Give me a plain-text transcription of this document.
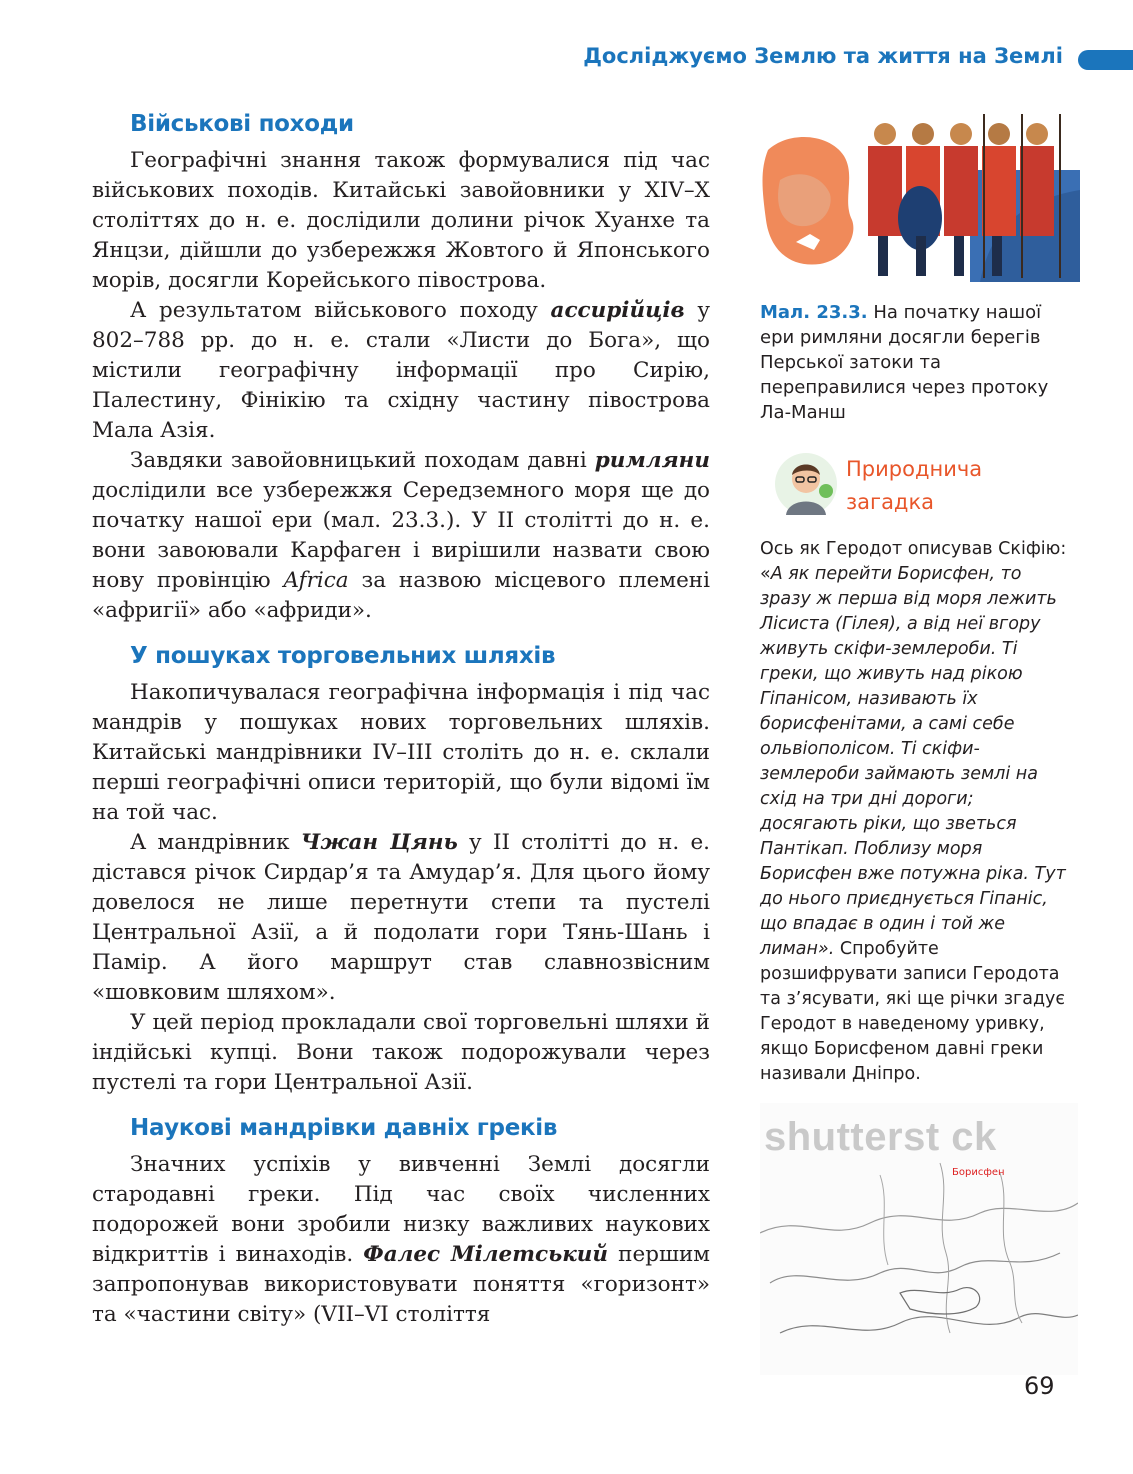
Досліджуємо Землю та життя на Землі
Військові походи

Географічні знання також формувалися під час військових походів. Китайські завойовники у XIV–X століттях до н. е. дослідили долини річок Хуанхе та Янцзи, дійшли до узбережжя Жовтого й Японського морів, досягли Корейського півострова.

А результатом військового походу ассирійців у 802–788 рр. до н. е. стали «Листи до Бога», що містили географічну інформації про Сирію, Палестину, Фінікію та східну частину півострова Мала Азія.

Завдяки завойовницький походам давні римляни дослідили все узбережжя Середземного моря ще до початку нашої ери (мал. 23.3.). У ІІ столітті до н. е. вони завоювали Карфаген і вирішили назвати свою нову провінцію Africa за назвою місцевого племені «афригії» або «африди».

У пошуках торговельних шляхів

Накопичувалася географічна інформація і під час мандрів у пошуках нових торговельних шляхів. Китайські мандрівники IV–III століть до н. е. склали перші географічні описи територій, що були відомі їм на той час.

А мандрівник Чжан Цянь у ІІ столітті до н. е. дістався річок Сирдар’я та Амудар’я. Для цього йому довелося не лише перетнути степи та пустелі Центральної Азії, а й подолати гори Тянь-Шань і Памір. А його маршрут став славнозвісним «шовковим шляхом».

У цей період прокладали свої торговельні шляхи й індійські купці. Вони також подорожували через пустелі та гори Центральної Азії.

Наукові мандрівки давніх греків

Значних успіхів у вивченні Землі досягли стародавні греки. Під час своїх численних подорожей вони зробили низку важливих наукових відкриттів і винаходів. Фалес Мілетський першим запропонував використовувати поняття «горизонт» та «частини світу» (VII–VI століття

Мал. 23.3. На початку нашої ери римляни досягли берегів Перської затоки та переправилися через протоку Ла-Манш

Природнича
загадка

Ось як Геродот описував Скіфію: «А як перейти Борисфен, то зразу ж перша від моря лежить Лісиста (Гілея), а від неї вгору живуть скіфи-землероби. Ті греки, що живуть над рікою Гіпанісом, називають їх борисфенітами, а самі себе ольвіополісом. Ті скіфи-землероби займають землі на схід на три дні дороги; досягають ріки, що зветься Пантікап. Поблизу моря Борисфен вже потужна ріка. Тут до нього приєднується Гіпаніс, що впадає в один і той же лиман». Спробуйте розшифрувати записи Геродота та з’ясувати, які ще річки згадує Геродот в наведеному уривку, якщо Борисфеном давні греки називали Дніпро.

shutterst ck
Борисфен
69
